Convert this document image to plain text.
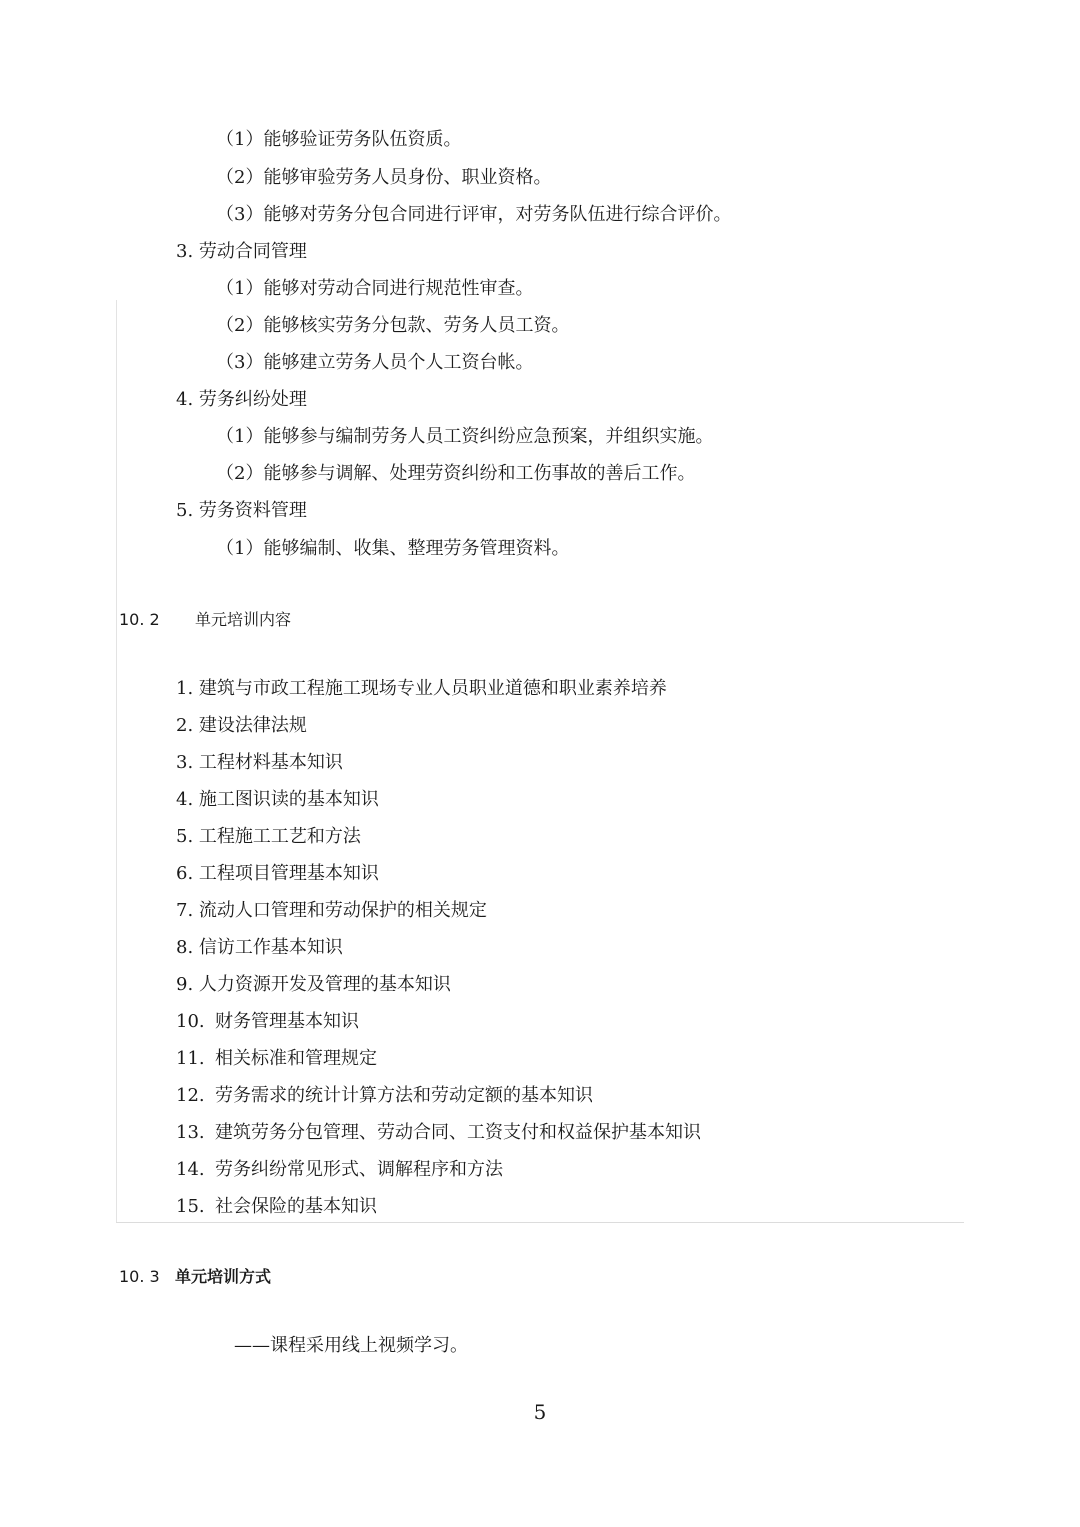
（1）能够验证劳务队伍资质。
（2）能够审验劳务人员身份、职业资格。
（3）能够对劳务分包合同进行评审，对劳务队伍进行综合评价。
3. 劳动合同管理
（1）能够对劳动合同进行规范性审查。
（2）能够核实劳务分包款、劳务人员工资。
（3）能够建立劳务人员个人工资台帐。
4. 劳务纠纷处理
（1）能够参与编制劳务人员工资纠纷应急预案，并组织实施。
（2）能够参与调解、处理劳资纠纷和工伤事故的善后工作。
5. 劳务资料管理
（1）能够编制、收集、整理劳务管理资料。
10. 2 单元培训内容
1. 建筑与市政工程施工现场专业人员职业道德和职业素养培养
2. 建设法律法规
3. 工程材料基本知识
4. 施工图识读的基本知识
5. 工程施工工艺和方法
6. 工程项目管理基本知识
7. 流动人口管理和劳动保护的相关规定
8. 信访工作基本知识
9. 人力资源开发及管理的基本知识
10. 财务管理基本知识
11. 相关标准和管理规定
12. 劳务需求的统计计算方法和劳动定额的基本知识
13. 建筑劳务分包管理、劳动合同、工资支付和权益保护基本知识
14. 劳务纠纷常见形式、调解程序和方法
15. 社会保险的基本知识
10. 3 单元培训方式
——课程采用线上视频学习。
5
